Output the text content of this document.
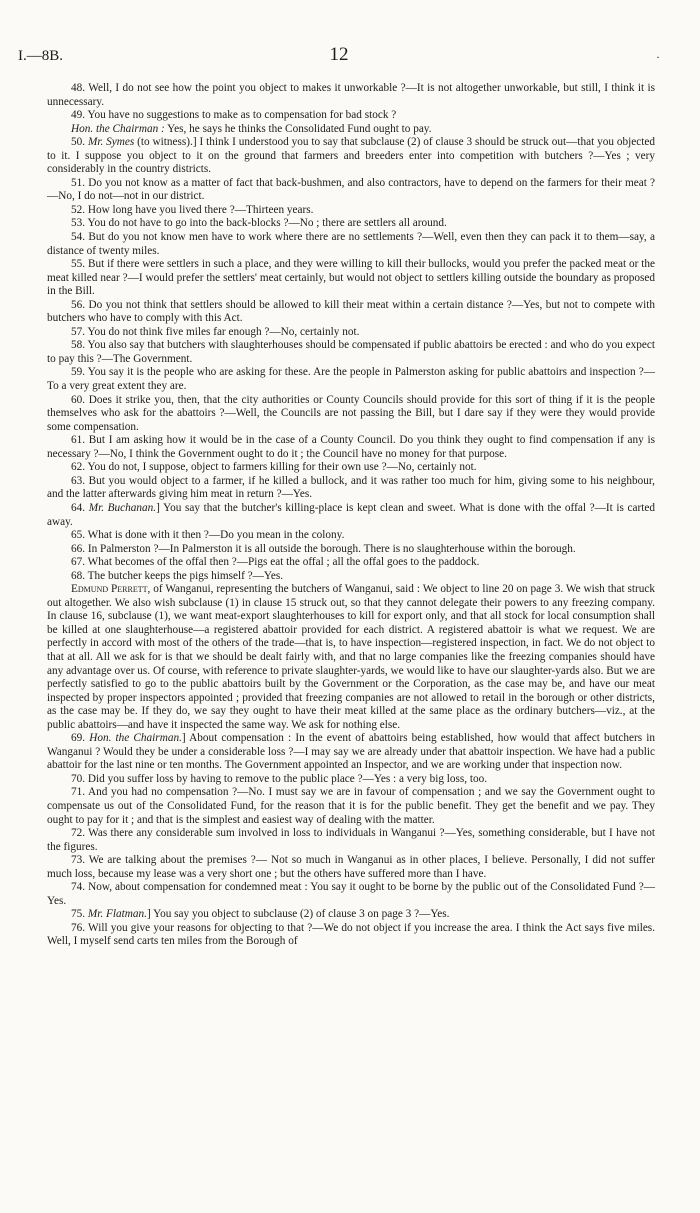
I.—8B.	12	·

48. Well, I do not see how the point you object to makes it unworkable ?—It is not altogether unworkable, but still, I think it is unnecessary.

49. You have no suggestions to make as to compensation for bad stock ?

Hon. the Chairman : Yes, he says he thinks the Consolidated Fund ought to pay.

50. Mr. Symes (to witness).] I think I understood you to say that subclause (2) of clause 3 should be struck out—that you objected to it. I suppose you object to it on the ground that farmers and breeders enter into competition with butchers ?—Yes ; very considerably in the country districts.

51. Do you not know as a matter of fact that back-bushmen, and also contractors, have to depend on the farmers for their meat ?—No, I do not—not in our district.

52. How long have you lived there ?—Thirteen years.

53. You do not have to go into the back-blocks ?—No ; there are settlers all around.

54. But do you not know men have to work where there are no settlements ?—Well, even then they can pack it to them—say, a distance of twenty miles.

55. But if there were settlers in such a place, and they were willing to kill their bullocks, would you prefer the packed meat or the meat killed near ?—I would prefer the settlers' meat certainly, but would not object to settlers killing outside the boundary as proposed in the Bill.

56. Do you not think that settlers should be allowed to kill their meat within a certain distance ?—Yes, but not to compete with butchers who have to comply with this Act.

57. You do not think five miles far enough ?—No, certainly not.

58. You also say that butchers with slaughterhouses should be compensated if public abattoirs be erected : and who do you expect to pay this ?—The Government.

59. You say it is the people who are asking for these. Are the people in Palmerston asking for public abattoirs and inspection ?—To a very great extent they are.

60. Does it strike you, then, that the city authorities or County Councils should provide for this sort of thing if it is the people themselves who ask for the abattoirs ?—Well, the Councils are not passing the Bill, but I dare say if they were they would provide some compensation.

61. But I am asking how it would be in the case of a County Council. Do you think they ought to find compensation if any is necessary ?—No, I think the Government ought to do it ; the Council have no money for that purpose.

62. You do not, I suppose, object to farmers killing for their own use ?—No, certainly not.

63. But you would object to a farmer, if he killed a bullock, and it was rather too much for him, giving some to his neighbour, and the latter afterwards giving him meat in return ?—Yes.

64. Mr. Buchanan.] You say that the butcher's killing-place is kept clean and sweet. What is done with the offal ?—It is carted away.

65. What is done with it then ?—Do you mean in the colony.

66. In Palmerston ?—In Palmerston it is all outside the borough. There is no slaughterhouse within the borough.

67. What becomes of the offal then ?—Pigs eat the offal ; all the offal goes to the paddock.

68. The butcher keeps the pigs himself ?—Yes.

Edmund Perrett, of Wanganui, representing the butchers of Wanganui, said : We object to line 20 on page 3. We wish that struck out altogether. We also wish subclause (1) in clause 15 struck out, so that they cannot delegate their powers to any freezing company. In clause 16, subclause (1), we want meat-export slaughterhouses to kill for export only, and that all stock for local consumption shall be killed at one slaughterhouse—a registered abattoir provided for each district. A registered abattoir is what we request. We are perfectly in accord with most of the others of the trade—that is, to have inspection—registered inspection, in fact. We do not object to that at all. All we ask for is that we should be dealt fairly with, and that no large companies like the freezing companies should have any advantage over us. Of course, with reference to private slaughter-yards, we would like to have our slaughter-yards also. But we are perfectly satisfied to go to the public abattoirs built by the Government or the Corporation, as the case may be, and have our meat inspected by proper inspectors appointed ; provided that freezing companies are not allowed to retail in the borough or other districts, as the case may be. If they do, we say they ought to have their meat killed at the same place as the ordinary butchers—viz., at the public abattoirs—and have it inspected the same way. We ask for nothing else.

69. Hon. the Chairman.] About compensation : In the event of abattoirs being established, how would that affect butchers in Wanganui ? Would they be under a considerable loss ?—I may say we are already under that abattoir inspection. We have had a public abattoir for the last nine or ten months. The Government appointed an Inspector, and we are working under that inspection now.

70. Did you suffer loss by having to remove to the public place ?—Yes : a very big loss, too.

71. And you had no compensation ?—No. I must say we are in favour of compensation ; and we say the Government ought to compensate us out of the Consolidated Fund, for the reason that it is for the public benefit. They get the benefit and we pay. They ought to pay for it ; and that is the simplest and easiest way of dealing with the matter.

72. Was there any considerable sum involved in loss to individuals in Wanganui ?—Yes, something considerable, but I have not the figures.

73. We are talking about the premises ?— Not so much in Wanganui as in other places, I believe. Personally, I did not suffer much loss, because my lease was a very short one ; but the others have suffered more than I have.

74. Now, about compensation for condemned meat : You say it ought to be borne by the public out of the Consolidated Fund ?—Yes.

75. Mr. Flatman.] You say you object to subclause (2) of clause 3 on page 3 ?—Yes.

76. Will you give your reasons for objecting to that ?—We do not object if you increase the area. I think the Act says five miles. Well, I myself send carts ten miles from the Borough of
